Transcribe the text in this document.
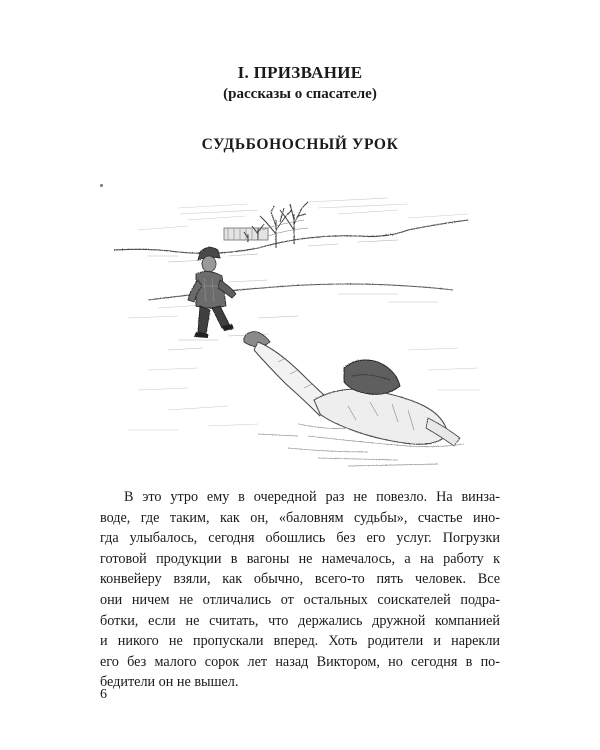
I. ПРИЗВАНИЕ
(рассказы о спасателе)
СУДЬБОНОСНЫЙ УРОК

В это утро ему в очередной раз не повезло. На винза-
воде, где таким, как он, «баловням судьбы», счастье ино-
гда улыбалось, сегодня обошлись без его услуг. Погрузки
готовой продукции в вагоны не намечалось, а на работу к
конвейеру взяли, как обычно, всего-то пять человек. Все
они ничем не отличались от остальных соискателей подра-
ботки, если не считать, что держались дружной компанией
и никого не пропускали вперед. Хоть родители и нарекли
его без малого сорок лет назад Виктором, но сегодня в по-
бедители он не вышел.

6
